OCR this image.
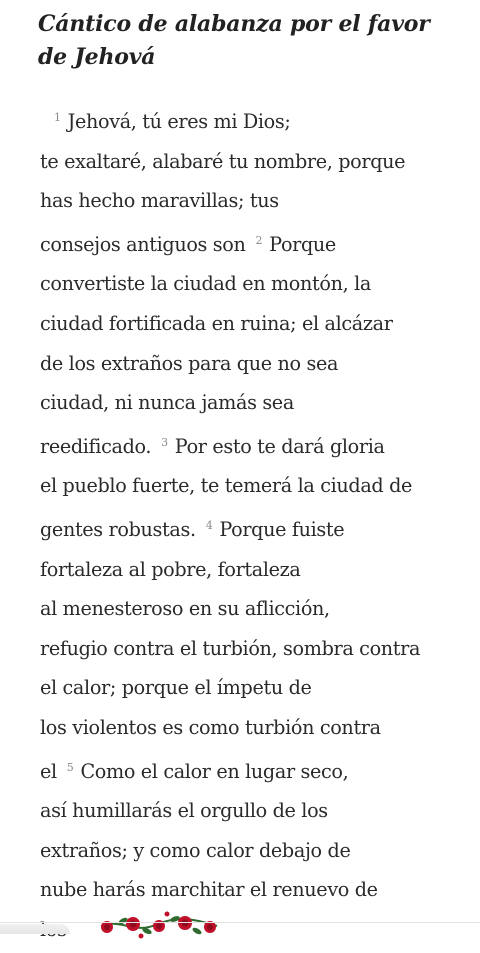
Cántico de alabanza por el favor de Jehová
$^1$ Jehová, tú eres mi Dios;
te exaltaré, alabaré tu nombre, porque
has hecho maravillas; tus
consejos antiguos son $^2$ Porque
convertiste la ciudad en montón, la
ciudad fortificada en ruina; el alcázar
de los extraños para que no sea
ciudad, ni nunca jamás sea
reedificado. $^3$ Por esto te dará gloria
el pueblo fuerte, te temerá la ciudad de
gentes robustas. $^4$ Porque fuiste
fortaleza al pobre, fortaleza
al menesteroso en su aflicción,
refugio contra el turbión, sombra contra
el calor; porque el ímpetu de
los violentos es como turbión contra
el $^5$ Como el calor en lugar seco,
así humillarás el orgullo de los
extraños; y como calor debajo de
nube harás marchitar el renuevo de
